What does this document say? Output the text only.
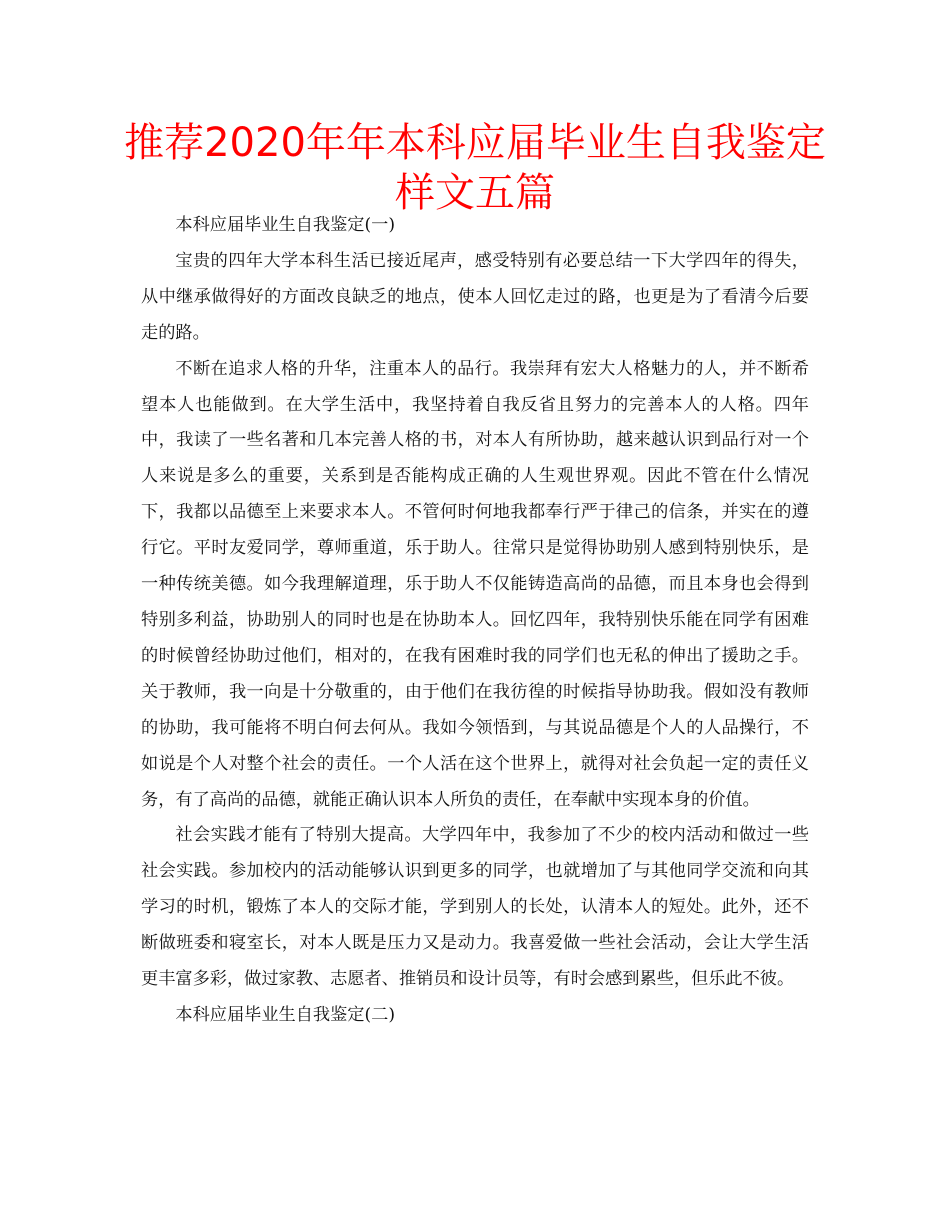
推荐2020年年本科应届毕业生自我鉴定样文五篇

本科应届毕业生自我鉴定(一)

宝贵的四年大学本科生活已接近尾声，感受特别有必要总结一下大学四年的得失，从中继承做得好的方面改良缺乏的地点，使本人回忆走过的路，也更是为了看清今后要走的路。

不断在追求人格的升华，注重本人的品行。我崇拜有宏大人格魅力的人，并不断希望本人也能做到。在大学生活中，我坚持着自我反省且努力的完善本人的人格。四年中，我读了一些名著和几本完善人格的书，对本人有所协助，越来越认识到品行对一个人来说是多么的重要，关系到是否能构成正确的人生观世界观。因此不管在什么情况下，我都以品德至上来要求本人。不管何时何地我都奉行严于律己的信条，并实在的遵行它。平时友爱同学，尊师重道，乐于助人。往常只是觉得协助别人感到特别快乐，是一种传统美德。如今我理解道理，乐于助人不仅能铸造高尚的品德，而且本身也会得到特别多利益，协助别人的同时也是在协助本人。回忆四年，我特别快乐能在同学有困难的时候曾经协助过他们，相对的，在我有困难时我的同学们也无私的伸出了援助之手。关于教师，我一向是十分敬重的，由于他们在我彷徨的时候指导协助我。假如没有教师的协助，我可能将不明白何去何从。我如今领悟到，与其说品德是个人的人品操行，不如说是个人对整个社会的责任。一个人活在这个世界上，就得对社会负起一定的责任义务，有了高尚的品德，就能正确认识本人所负的责任，在奉献中实现本身的价值。

社会实践才能有了特别大提高。大学四年中，我参加了不少的校内活动和做过一些社会实践。参加校内的活动能够认识到更多的同学，也就增加了与其他同学交流和向其学习的时机，锻炼了本人的交际才能，学到别人的长处，认清本人的短处。此外，还不断做班委和寝室长，对本人既是压力又是动力。我喜爱做一些社会活动，会让大学生活更丰富多彩，做过家教、志愿者、推销员和设计员等，有时会感到累些，但乐此不彼。

本科应届毕业生自我鉴定(二)
